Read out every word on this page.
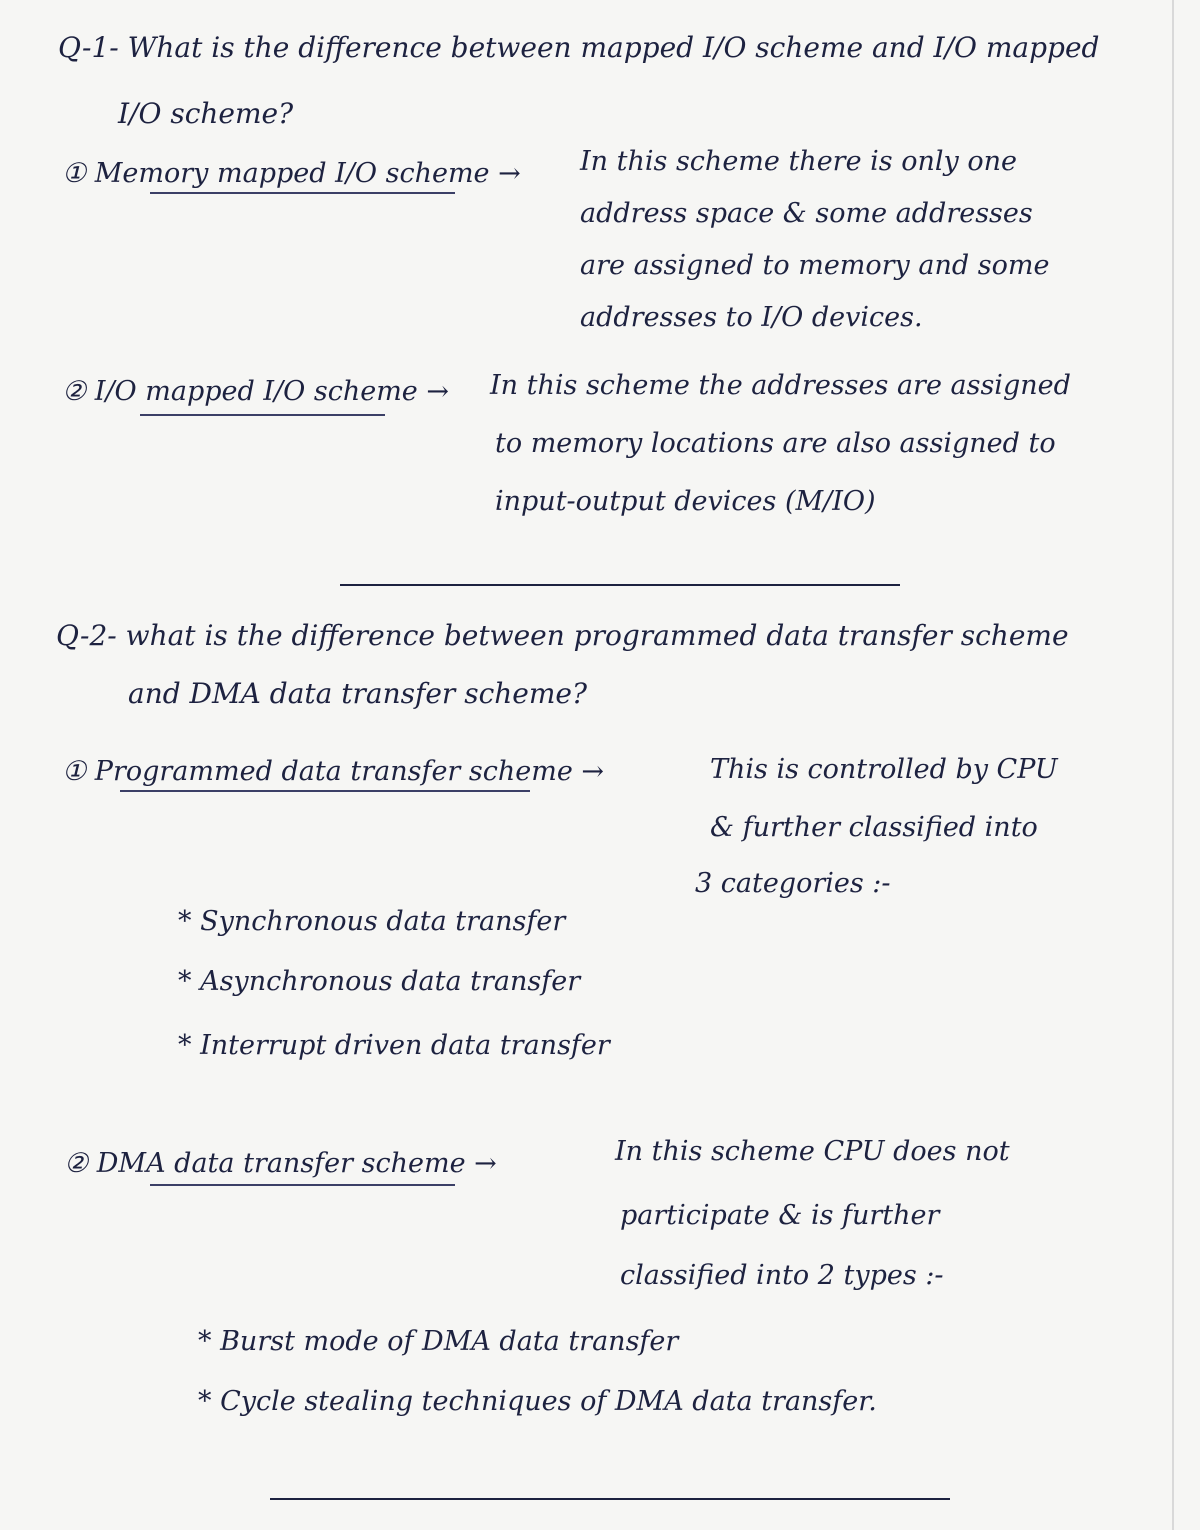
Q-1- What is the difference between mapped I/O scheme and I/O mapped
I/O scheme?
① Memory mapped I/O scheme → In this scheme there is only one
address space & some addresses
are assigned to memory and some
addresses to I/O devices.
② I/O mapped I/O scheme → In this scheme the addresses are assigned
to memory locations are also assigned to
input-output devices (M/IO)
Q-2- what is the difference between programmed data transfer scheme
and DMA data transfer scheme?
① Programmed data transfer scheme →	This is controlled by CPU
& further classified into
3 categories :-
* Synchronous data transfer
* Asynchronous data transfer
* Interrupt driven data transfer
② DMA data transfer scheme →	In this scheme CPU does not
participate & is further
classified into 2 types :-
* Burst mode of DMA data transfer
* Cycle stealing techniques of DMA data transfer.
